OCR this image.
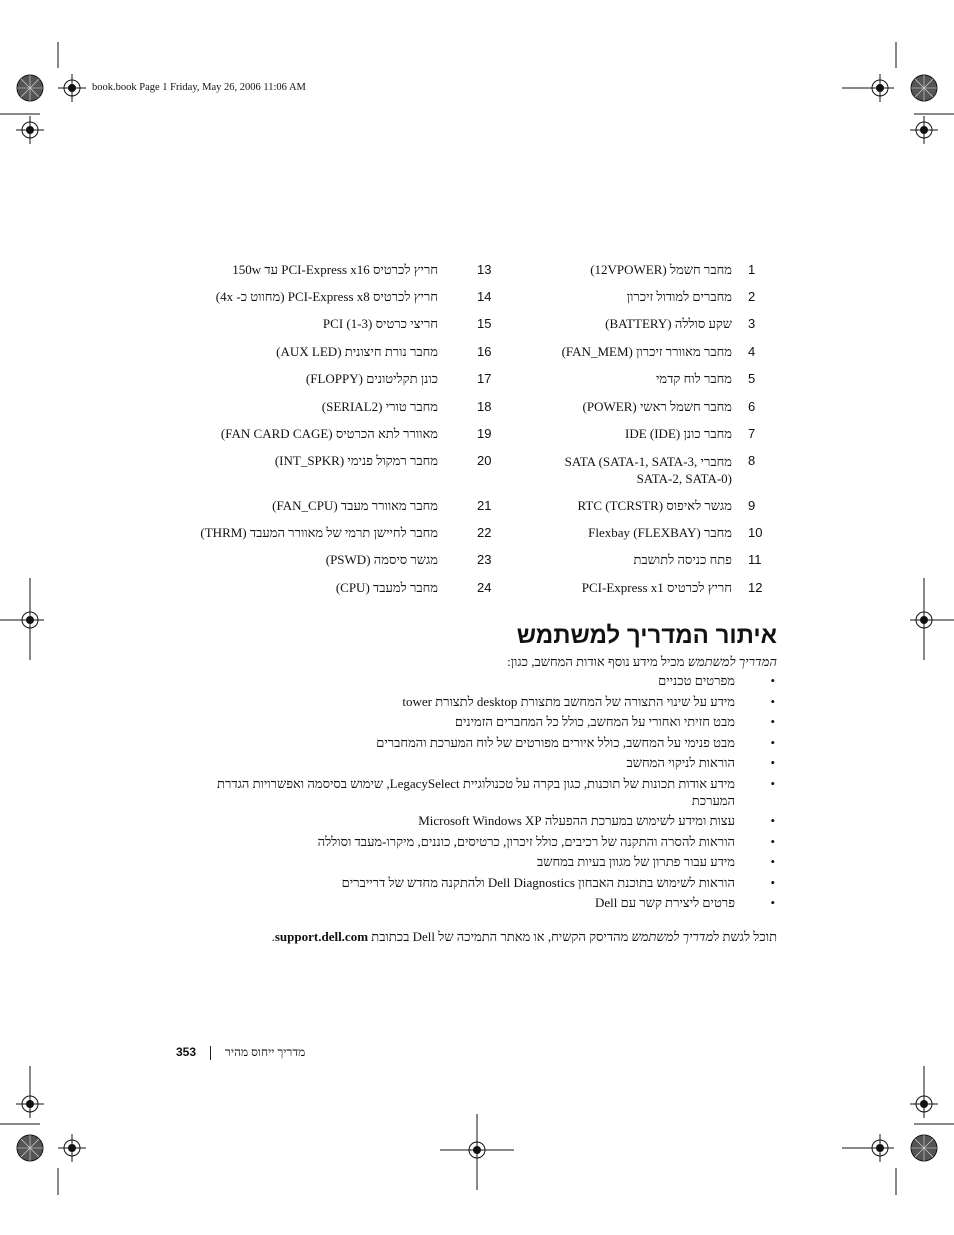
book.book Page 1 Friday, May 26, 2006 11:06 AM
1
מחבר חשמל (12VPOWER)
2
מחברים למודול זיכרון
3
שקע סוללה (BATTERY)
4
מחבר מאוורר זיכרון (FAN_MEM)
5
מחבר לוח קדמי
6
מחבר חשמל ראשי (POWER)
7
מחבר כונן IDE (IDE)
8
מחברי SATA (SATA-1, SATA-3, SATA-2, SATA-0)
9
מגשר לאיפוס RTC (TCRSTR)
10
מחבר Flexbay (FLEXBAY)
11
פתח כניסה לתושבת
12
חריץ לכרטיס PCI-Express x1
13
חריץ לכרטיס PCI-Express x16 עד 150w
14
חריץ לכרטיס PCI-Express x8 (מחווט כ- 4x)
15
חריצי כרטיס PCI (1-3)
16
מחבר נורת חיצונית (AUX LED)
17
כונן תקליטונים (FLOPPY)
18
מחבר טורי (SERIAL2)
19
מאוורר לתא הכרטיס (FAN CARD CAGE)
20
מחבר רמקול פנימי (INT_SPKR)
21
מחבר מאוורר מעבד (FAN_CPU)
22
מחבר לחיישן תרמי של מאוורר המעבד (THRM)
23
מגשר סיסמה (PSWD)
24
מחבר למעבד (CPU)
איתור המדריך למשתמש
המדריך למשתמש מכיל מידע נוסף אודות המחשב, כגון:
•
מפרטים טכניים
•
מידע על שינוי התצורה של המחשב מתצורת desktop לתצורת tower
•
מבט חזיתי ואחורי על המחשב, כולל כל המחברים הזמינים
•
מבט פנימי על המחשב, כולל איורים מפורטים של לוח המערכת והמחברים
•
הוראות לניקוי המחשב
•
מידע אודות תכונות של תוכנות, כגון בקרה על טכנולוגיית LegacySelect, שימוש בסיסמה ואפשרויות הגדרת המערכת
•
עצות ומידע לשימוש במערכת ההפעלה Microsoft Windows XP
•
הוראות להסרה והתקנה של רכיבים, כולל זיכרון, כרטיסים, כוננים, מיקרו-מעבד וסוללה
•
מידע עבור פתרון של מגוון בעיות במחשב
•
הוראות לשימוש בתוכנת האבחון Dell Diagnostics ולהתקנה מחדש של דרייברים
•
פרטים ליצירת קשר עם Dell
תוכל לגשת למדריך למשתמש מהדיסק הקשיח, או מאתר התמיכה של Dell בכתובת support.dell.com.
353 מדריך ייחוס מהיר
